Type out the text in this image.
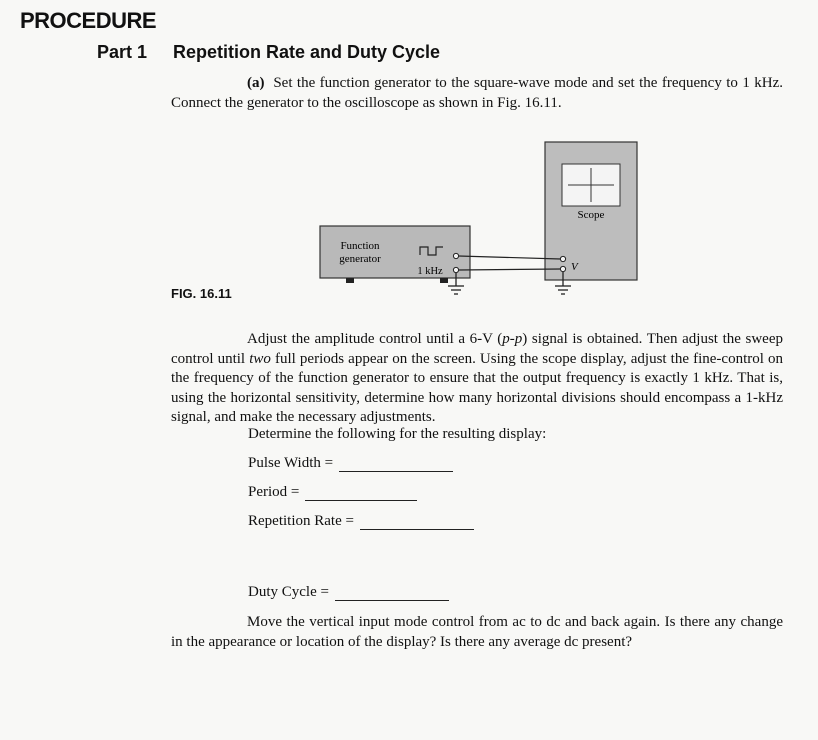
PROCEDURE
Part 1 Repetition Rate and Duty Cycle
(a) Set the function generator to the square-wave mode and set the frequency to 1 kHz. Connect the generator to the oscilloscope as shown in Fig. 16.11.
Scope
V
Function
generator
1 kHz
FIG. 16.11
Adjust the amplitude control until a 6-V (p-p) signal is obtained. Then adjust the sweep control until two full periods appear on the screen. Using the scope display, adjust the fine-control on the frequency of the function generator to ensure that the output frequency is exactly 1 kHz. That is, using the horizontal sensitivity, determine how many horizontal divisions should encompass a 1-kHz signal, and make the necessary adjustments.
Determine the following for the resulting display:
Pulse Width =
Period =
Repetition Rate =
Duty Cycle =
Move the vertical input mode control from ac to dc and back again. Is there any change in the appearance or location of the display? Is there any average dc present?
